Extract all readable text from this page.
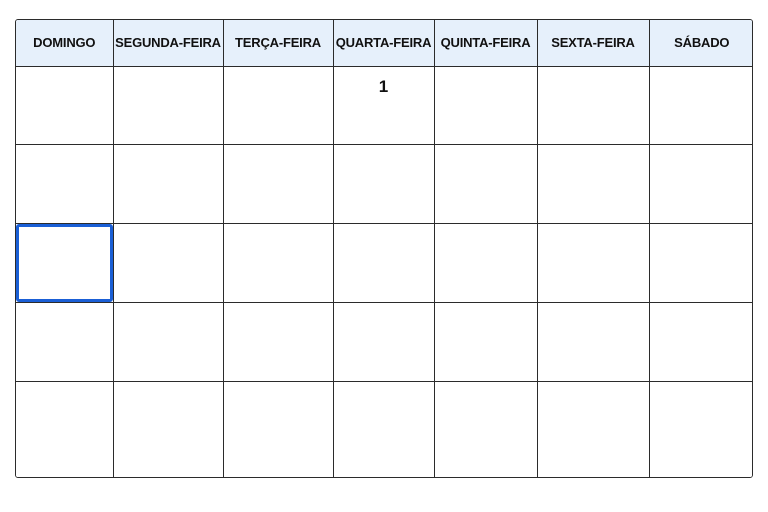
DOMINGO	SEGUNDA-FEIRA	TERÇA-FEIRA	QUARTA-FEIRA	QUINTA-FEIRA	SEXTA-FEIRA	SÁBADO

			1			
